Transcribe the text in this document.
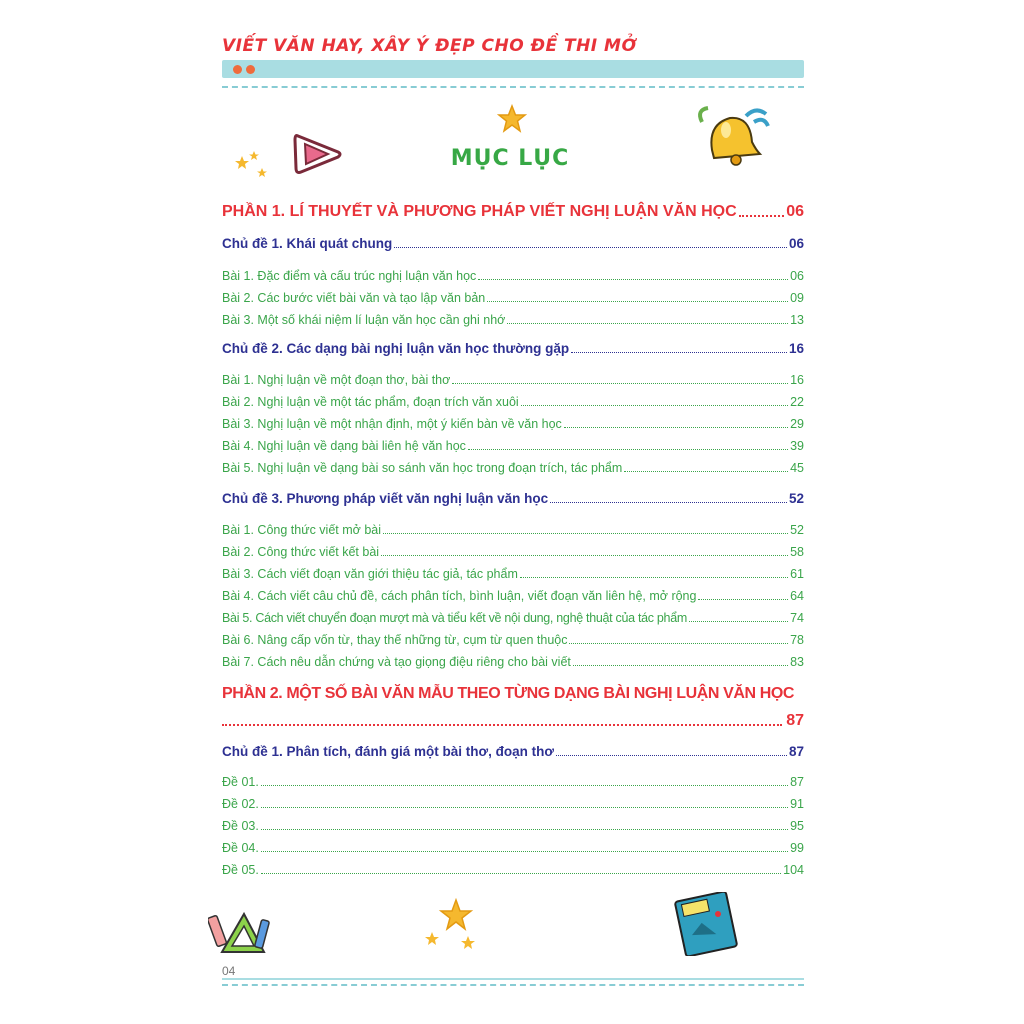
VIẾT VĂN HAY, XÂY Ý ĐẸP CHO ĐỀ THI MỞ
MỤC LỤC
PHẦN 1. LÍ THUYẾT VÀ PHƯƠNG PHÁP VIẾT NGHỊ LUẬN VĂN HỌC	06
Chủ đề 1. Khái quát chung	06
Bài 1. Đặc điểm và cấu trúc nghị luận văn học	06
Bài 2. Các bước viết bài văn và tạo lập văn bản	09
Bài 3. Một số khái niệm lí luận văn học cần ghi nhớ	13
Chủ đề 2. Các dạng bài nghị luận văn học thường gặp	16
Bài 1. Nghị luận về một đoạn thơ, bài thơ	16
Bài 2. Nghị luận về một tác phẩm, đoạn trích văn xuôi	22
Bài 3. Nghị luận về một nhận định, một ý kiến bàn về văn học	29
Bài 4. Nghị luận về dạng bài liên hệ văn học	39
Bài 5. Nghị luận về dạng bài so sánh văn học trong đoạn trích, tác phẩm	45
Chủ đề 3. Phương pháp viết văn nghị luận văn học	52
Bài 1. Công thức viết mở bài	52
Bài 2. Công thức viết kết bài	58
Bài 3. Cách viết đoạn văn giới thiệu tác giả, tác phẩm	61
Bài 4. Cách viết câu chủ đề, cách phân tích, bình luận, viết đoạn văn liên hệ, mở rộng	64
Bài 5. Cách viết chuyển đoạn mượt mà và tiểu kết về nội dung, nghệ thuật của tác phẩm	74
Bài 6. Nâng cấp vốn từ, thay thế những từ, cụm từ quen thuộc	78
Bài 7. Cách nêu dẫn chứng và tạo giọng điệu riêng cho bài viết	83
PHẦN 2. MỘT SỐ BÀI VĂN MẪU THEO TỪNG DẠNG BÀI NGHỊ LUẬN VĂN HỌC
87
Chủ đề 1. Phân tích, đánh giá một bài thơ, đoạn thơ	87
Đề 01.	87
Đề 02.	91
Đề 03.	95
Đề 04.	99
Đề 05.	104
04
